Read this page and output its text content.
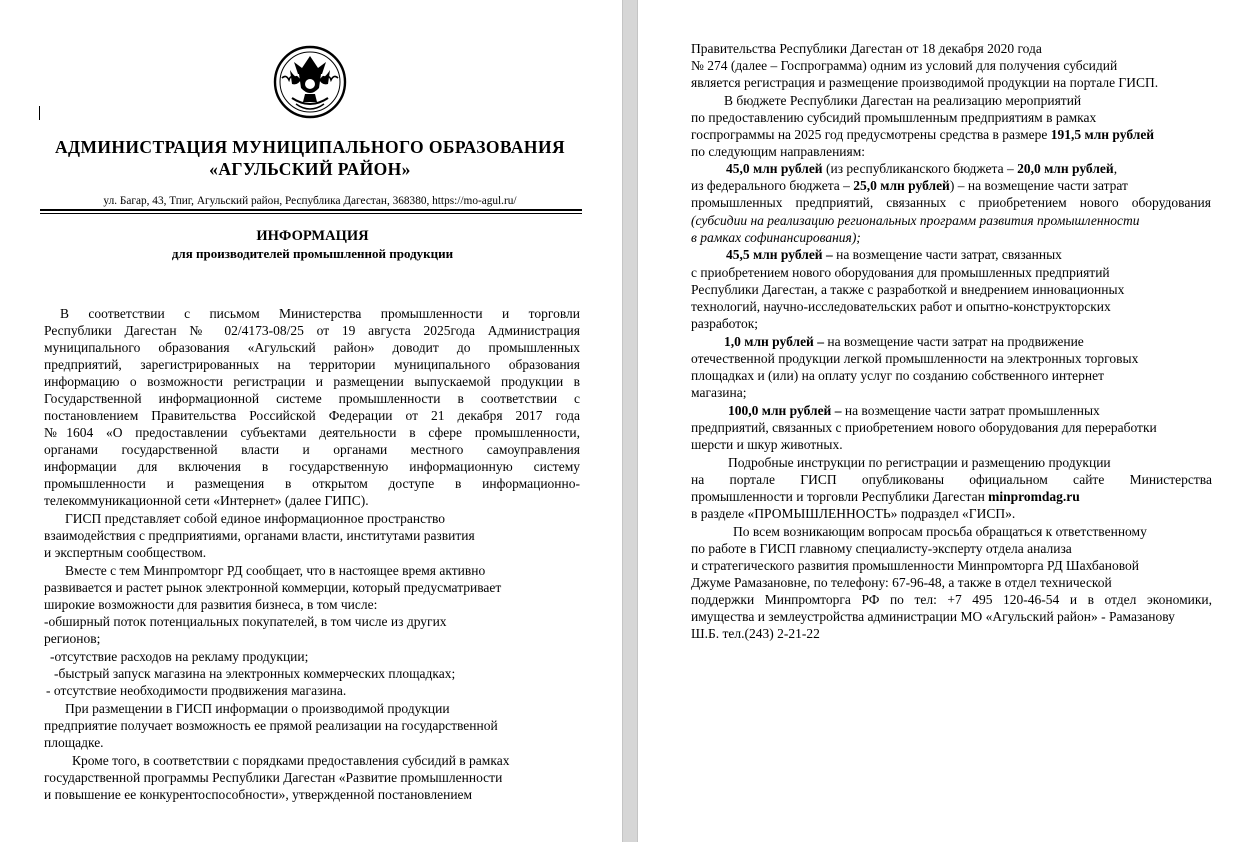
АДМИНИСТРАЦИЯ МУНИЦИПАЛЬНОГО ОБРАЗОВАНИЯ
«АГУЛЬСКИЙ РАЙОН»
ул. Багар, 43, Тпиг, Агульский район, Республика Дагестан, 368380, https://mo-agul.ru/
ИНФОРМАЦИЯ
для производителей промышленной продукции
В соответствии с письмом Министерства промышленности и торговли
Республики Дагестан № 02/4173-08/25 от 19 августа 2025года Администрация
муниципального образования «Агульский район» доводит до промышленных
предприятий, зарегистрированных на территории муниципального образования
информацию о возможности регистрации и размещении выпускаемой продукции в
Государственной информационной системе промышленности в соответствии с
постановлением Правительства Российской Федерации от 21 декабря 2017 года
№1604 «О предоставлении субъектами деятельности в сфере промышленности,
органами государственной власти и органами местного самоуправления
информации для включения в государственную информационную систему
промышленности и размещения в открытом доступе в информационно-
телекоммуникационной сети «Интернет» (далее ГИПС).
ГИСП представляет собой единое информационное пространство
взаимодействия с предприятиями, органами власти, институтами развития
и экспертным сообществом.
Вместе с тем Минпромторг РД сообщает, что в настоящее время активно
развивается и растет рынок электронной коммерции, который предусматривает
широкие возможности для развития бизнеса, в том числе:
-обширный поток потенциальных покупателей, в том числе из других
регионов;
-отсутствие расходов на рекламу продукции;
-быстрый запуск магазина на электронных коммерческих площадках;
- отсутствие необходимости продвижения магазина.
При размещении в ГИСП информации о производимой продукции
предприятие получает возможность ее прямой реализации на государственной
площадке.
Кроме того, в соответствии с порядками предоставления субсидий в рамках
государственной программы Республики Дагестан «Развитие промышленности
и повышение ее конкурентоспособности», утвержденной постановлением
Правительства Республики Дагестан от 18 декабря 2020 года
№ 274 (далее – Госпрограмма) одним из условий для получения субсидий
является регистрация и размещение производимой продукции на портале ГИСП.
В бюджете Республики Дагестан на реализацию мероприятий
по предоставлению субсидий промышленным предприятиям в рамках
госпрограммы на 2025 год предусмотрены средства в размере 191,5 млн рублей
по следующим направлениям:
45,0 млн рублей (из республиканского бюджета – 20,0 млн рублей,
из федерального бюджета – 25,0 млн рублей) – на возмещение части затрат
промышленных предприятий, связанных с приобретением нового оборудования
(субсидии на реализацию региональных программ развития промышленности
в рамках софинансирования);
45,5 млн рублей – на возмещение части затрат, связанных
с приобретением нового оборудования для промышленных предприятий
Республики Дагестан, а также с разработкой и внедрением инновационных
технологий, научно-исследовательских работ и опытно-конструкторских
разработок;
1,0 млн рублей – на возмещение части затрат на продвижение
отечественной продукции легкой промышленности на электронных торговых
площадках и (или) на оплату услуг по созданию собственного интернет
магазина;
100,0 млн рублей – на возмещение части затрат промышленных
предприятий, связанных с приобретением нового оборудования для переработки
шерсти и шкур животных.
Подробные инструкции по регистрации и размещению продукции
на портале ГИСП опубликованы официальном сайте Министерства
промышленности и торговли Республики Дагестан minpromdag.ru
в разделе «ПРОМЫШЛЕННОСТЬ» подраздел «ГИСП».
По всем возникающим вопросам просьба обращаться к ответственному
по работе в ГИСП главному специалисту-эксперту отдела анализа
и стратегического развития промышленности Минпромторга РД Шахбановой
Джуме Рамазановне, по телефону: 67-96-48, а также в отдел технической
поддержки Минпромторга РФ по тел: +7 495 120-46-54 и в отдел экономики,
имущества и землеустройства администрации МО «Агульский район» - Рамазанову
Ш.Б. тел.(243) 2-21-22
